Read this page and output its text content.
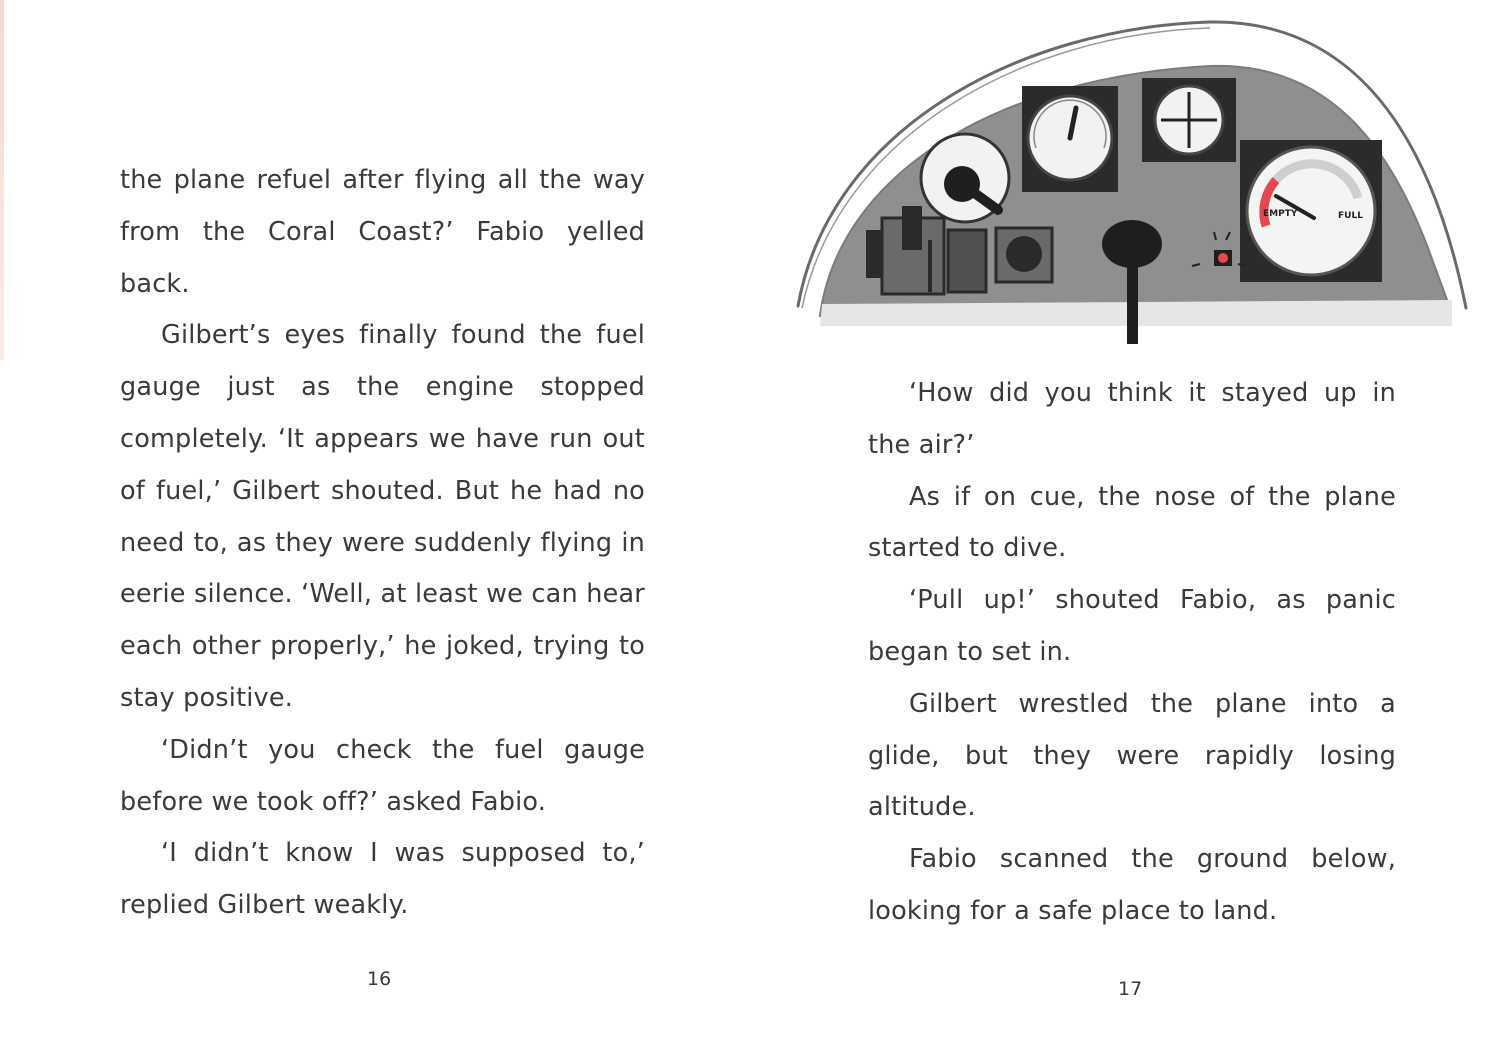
the plane refuel after flying all the way from the Coral Coast?’ Fabio yelled back.

Gilbert’s eyes finally found the fuel gauge just as the engine stopped completely. ‘It appears we have run out of fuel,’ Gilbert shouted. But he had no need to, as they were suddenly flying in eerie silence. ‘Well, at least we can hear each other properly,’ he joked, trying to stay positive.

‘Didn’t you check the fuel gauge before we took off?’ asked Fabio.

‘I didn’t know I was supposed to,’ replied Gilbert weakly.

16
EMPTY	FULL

‘How did you think it stayed up in the air?’

As if on cue, the nose of the plane started to dive.

‘Pull up!’ shouted Fabio, as panic began to set in.

Gilbert wrestled the plane into a glide, but they were rapidly losing altitude.

Fabio scanned the ground below, looking for a safe place to land.

17
